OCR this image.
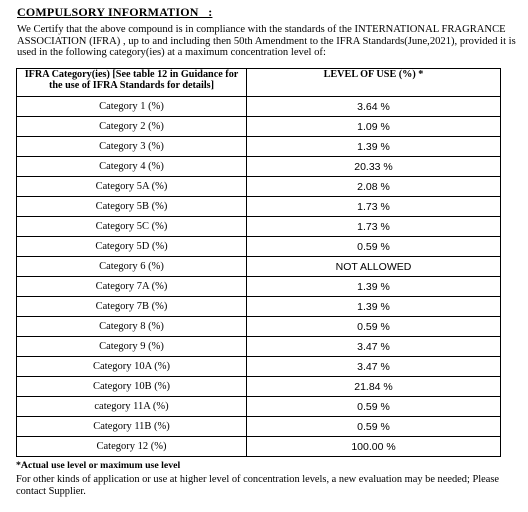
COMPULSORY INFORMATION   :
We Certify that the above compound is in compliance with the standards of the INTERNATIONAL FRAGRANCE ASSOCIATION (IFRA) , up to and including then 50th Amendment to the IFRA Standards(June,2021), provided it is used in the following category(ies) at a maximum concentration level of:
IFRA Category(ies) [See table 12 in Guidance for the use of IFRA Standards for details]	LEVEL OF USE (%) *
Category 1 (%)	3.64 %
Category 2 (%)	1.09 %
Category 3 (%)	1.39 %
Category 4 (%)	20.33 %
Category 5A (%)	2.08 %
Category 5B (%)	1.73 %
Category 5C (%)	1.73 %
Category 5D (%)	0.59 %
Category 6 (%)	NOT ALLOWED
Category 7A (%)	1.39 %
Category 7B (%)	1.39 %
Category 8 (%)	0.59 %
Category 9 (%)	3.47 %
Category 10A (%)	3.47 %
Category 10B (%)	21.84 %
category 11A (%)	0.59 %
Category 11B (%)	0.59 %
Category 12 (%)	100.00 %
*Actual use level or maximum use level
For other kinds of application or use at higher level of concentration levels, a new evaluation may be needed; Please contact Supplier.
